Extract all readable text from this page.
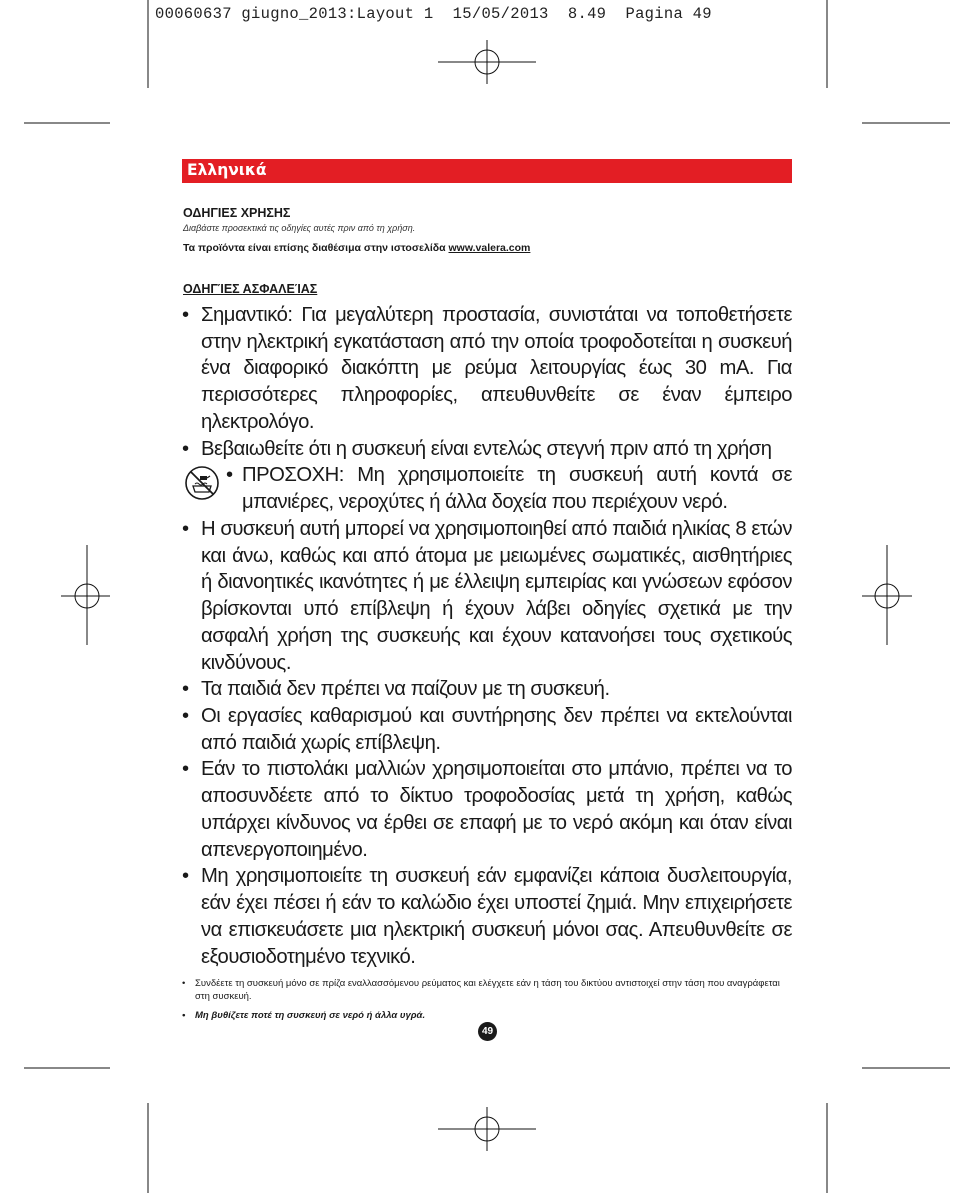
00060637 giugno_2013:Layout 1  15/05/2013  8.49  Pagina 49
Ελληνικά
ΟΔΗΓΙΕΣ ΧΡΗΣΗΣ
Διαβάστε προσεκτικά τις οδηγίες αυτές πριν από τη χρήση.
Τα προϊόντα είναι επίσης διαθέσιμα στην ιστοσελίδα www.valera.com
ΟΔΗΓΊΕΣ ΑΣΦΑΛΕΊΑΣ
• Σημαντικό: Για μεγαλύτερη προστασία, συνιστάται να τοποθετήσετε στην ηλεκτρική εγκατάσταση από την οποία τροφοδοτείται η συσκευή ένα διαφορικό διακόπτη με ρεύμα λειτουργίας έως 30 mA. Για περισσότερες πληροφορίες, απευθυνθείτε σε έναν έμπειρο ηλεκτρολόγο.
• Βεβαιωθείτε ότι η συσκευή είναι εντελώς στεγνή πριν από τη χρήση
• ΠΡΟΣΟΧΗ: Μη χρησιμοποιείτε τη συσκευή αυτή κοντά σε μπανιέρες, νεροχύτες ή άλλα δοχεία που περιέχουν νερό.
• Η συσκευή αυτή μπορεί να χρησιμοποιηθεί από παιδιά ηλικίας 8 ετών και άνω, καθώς και από άτομα με μειωμένες σωματικές, αισθητήριες ή διανοητικές ικανότητες ή με έλλειψη εμπειρίας και γνώσεων εφόσον βρίσκονται υπό επίβλεψη ή έχουν λάβει οδηγίες σχετικά με την ασφαλή χρήση της συσκευής και έχουν κατανοήσει τους σχετικούς κινδύνους.
• Τα παιδιά δεν πρέπει να παίζουν με τη συσκευή.
• Οι εργασίες καθαρισμού και συντήρησης δεν πρέπει να εκτελούνται από παιδιά χωρίς επίβλεψη.
• Εάν το πιστολάκι μαλλιών χρησιμοποιείται στο μπάνιο, πρέπει να το αποσυνδέετε από το δίκτυο τροφοδοσίας μετά τη χρήση, καθώς υπάρχει κίνδυνος να έρθει σε επαφή με το νερό ακόμη και όταν είναι απενεργοποιημένο.
• Μη χρησιμοποιείτε τη συσκευή εάν εμφανίζει κάποια δυσλειτουργία, εάν έχει πέσει ή εάν το καλώδιο έχει υποστεί ζημιά. Μην επιχειρήσετε να επισκευάσετε μια ηλεκτρική συσκευή μόνοι σας. Απευθυνθείτε σε εξουσιοδοτημένο τεχνικό.
• Συνδέετε τη συσκευή μόνο σε πρίζα εναλλασσόμενου ρεύματος και ελέγχετε εάν η τάση του δικτύου αντιστοιχεί στην τάση που αναγράφεται στη συσκευή.
• Μη βυθίζετε ποτέ τη συσκευή σε νερό ή άλλα υγρά.
49
